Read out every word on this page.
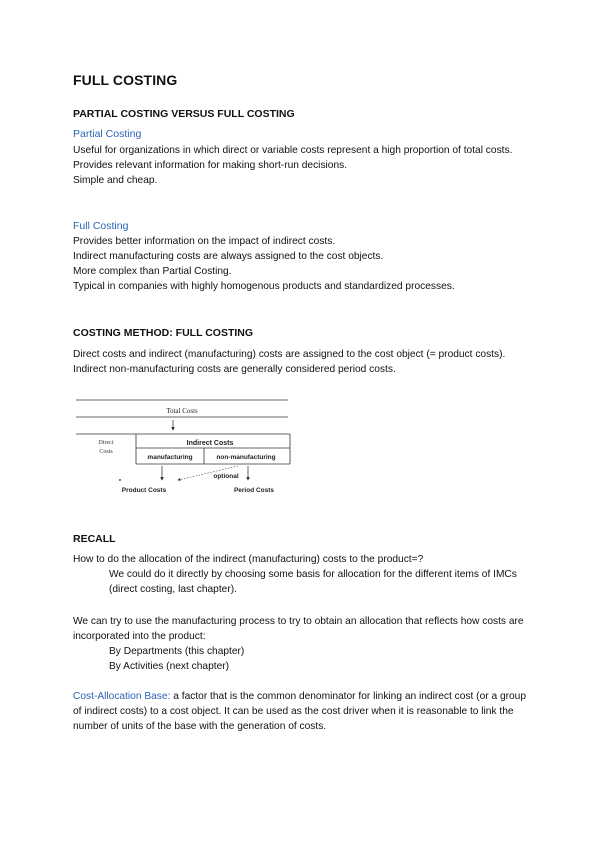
FULL COSTING
PARTIAL COSTING VERSUS FULL COSTING
Partial Costing
Useful for organizations in which direct or variable costs represent a high proportion of total costs.
Provides relevant information for making short-run decisions.
Simple and cheap.
Full Costing
Provides better information on the impact of indirect costs.
Indirect manufacturing costs are always assigned to the cost objects.
More complex than Partial Costing.
Typical in companies with highly homogenous products and standardized processes.
COSTING METHOD: FULL COSTING
Direct costs and indirect (manufacturing) costs are assigned to the cost object (= product costs).
Indirect non-manufacturing costs are generally considered period costs.
Total Costs
Direct
Costs
Indirect Costs
manufacturing	non-manufacturing
optional
Product Costs	Period Costs
RECALL
How to do the allocation of the indirect (manufacturing) costs to the product=?
We could do it directly by choosing some basis for allocation for the different items of IMCs (direct costing, last chapter).
We can try to use the manufacturing process to try to obtain an allocation that reflects how costs are incorporated into the product:
By Departments (this chapter)
By Activities (next chapter)
Cost-Allocation Base: a factor that is the common denominator for linking an indirect cost (or a group of indirect costs) to a cost object. It can be used as the cost driver when it is reasonable to link the number of units of the base with the generation of costs.
